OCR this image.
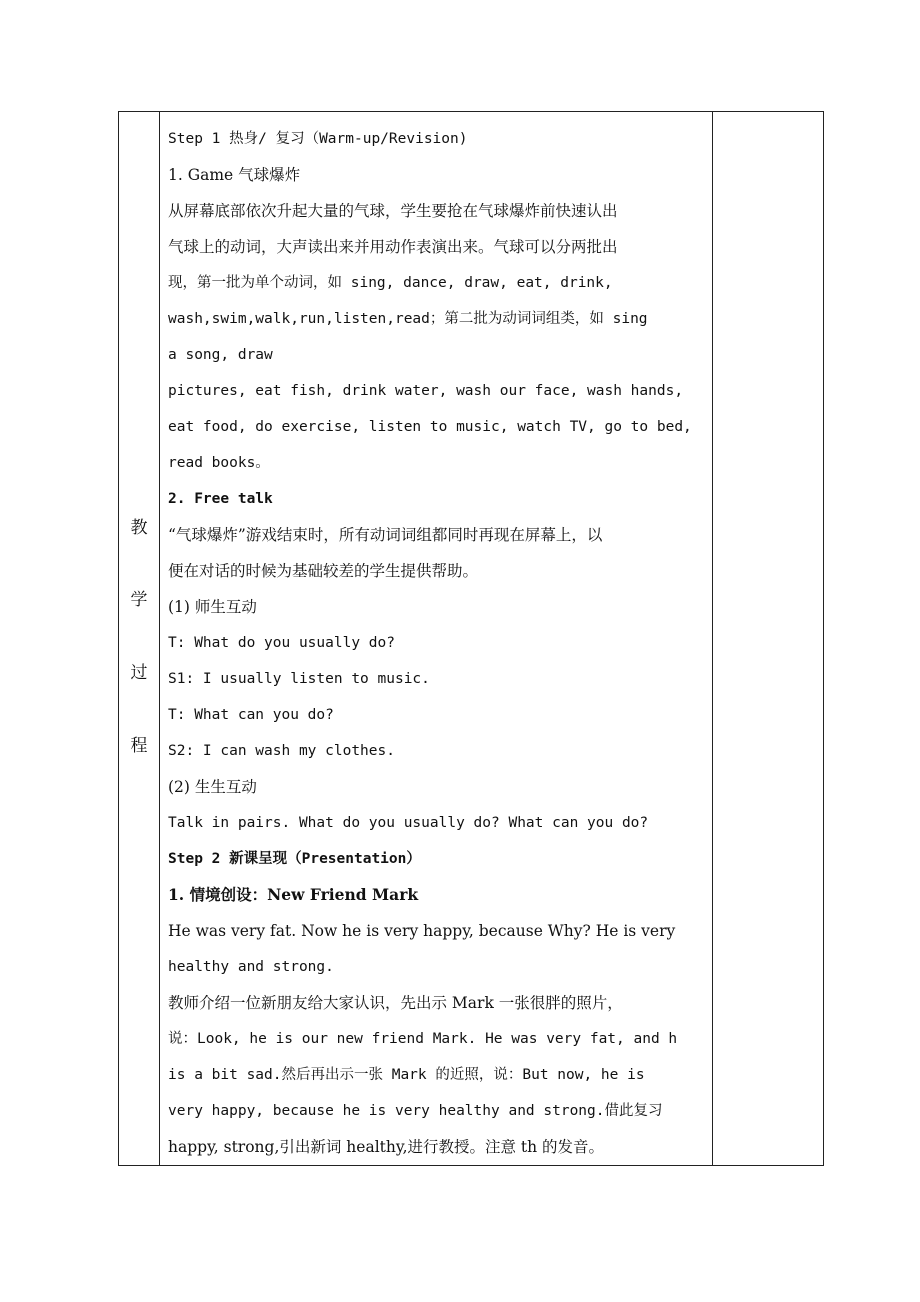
教
学
过
程

Step 1 热身/ 复习（Warm-up/Revision)
1. Game 气球爆炸
从屏幕底部依次升起大量的气球，学生要抢在气球爆炸前快速认出
气球上的动词，大声读出来并用动作表演出来。气球可以分两批出
现，第一批为单个动词，如 sing, dance, draw, eat, drink,
wash,swim,walk,run,listen,read；第二批为动词词组类，如 sing
a song, draw
pictures, eat fish, drink water, wash our face, wash hands,
eat food, do exercise, listen to music, watch TV, go to bed,
read books。
2. Free talk
“气球爆炸”游戏结束时，所有动词词组都同时再现在屏幕上，以
便在对话的时候为基础较差的学生提供帮助。
(1) 师生互动
T: What do you usually do?
S1: I usually listen to music.
T: What can you do?
S2: I can wash my clothes.
(2) 生生互动
Talk in pairs. What do you usually do? What can you do?
Step 2 新课呈现（Presentation）
1. 情境创设：New Friend Mark
He was very fat. Now he is very happy, because Why? He is very
healthy and strong.
教师介绍一位新朋友给大家认识，先出示 Mark 一张很胖的照片，
说：Look, he is our new friend Mark. He was very fat, and h
is a bit sad.然后再出示一张 Mark 的近照，说：But now, he is
very happy, because he is very healthy and strong.借此复习
happy, strong,引出新词 healthy,进行教授。注意 th 的发音。
